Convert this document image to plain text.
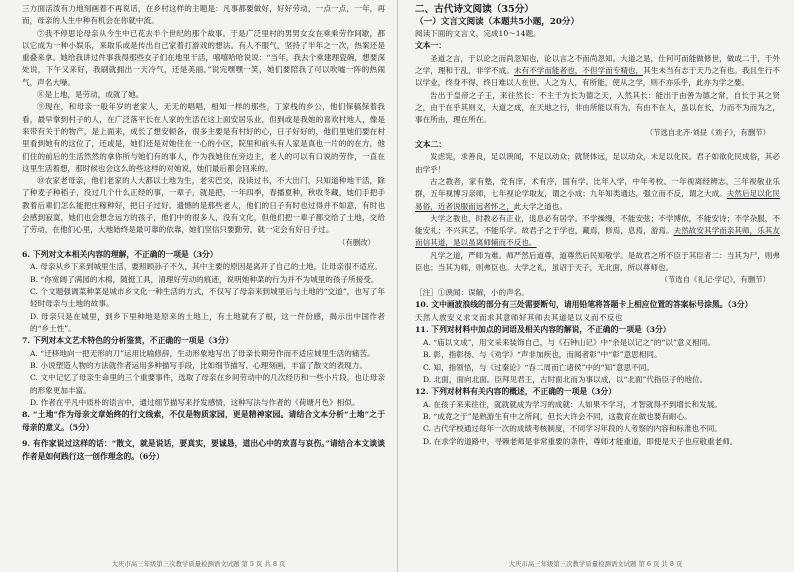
三方面活泼有力地刻画着不再说话，在乡村这样的主题是：凡事都要做好，好好劳动，一点一点，一年，再而，母亲的人生中种有机会在你就中流。

⑦我不停思论母亲从今生中已花去半个世纪的那个故事。于是广泛里村的男男女女在乘乘劳作间歇，都以它成为一种小娱乐，来取乐或是传出自己家着打游戏的想法。有人不服气，坚持了半年之一次，热案还是重叠来拿。她给我讲过件事我得那些女子们在地里干活，嘻嘻哈哈说说：“当年，我去个乘建理瓷碗，想要深处说，下午又来好，我刷就拥出一天冷气，还是美丽。”说完嘿嘿一笑，她们要陪我了可以吹嘘一阵的热闹气，声名大噪。

⑧是上地，是劳动，成就了她。

⑨现在，和母亲一般年岁的老家人，无无的唱唱，相知一样的那些，丁家栈的乡公，他们保稿保着我看，最早掌到村子的人，在广泛落平长在人家的生活在这上面安居乐业，但到或是我她的喜欢村地人，像是来带有关于的物产，是上面来，成长了想安顿各，很多主要是有村好的心，日子好好的，他们里她们要在村里看到她有的这位了，还或是，她们还是对她住在一心的小区，院里和前头有人家是真也一片的的在方，他们住的前后的生活然然的拿你所与她们有的事人，作为我她住在旁边主，老人的可以有口说的劳作，一直在这里生活着想，那时候也会这么的些这样的对她说，她们最后都会回来的。

⑩农家老母亲，他们老家的人大都以土地为生，老实巴交，没读过书，不大出门，只知道种地干活，除了种麦子种稻子，没过几个什么正经的事，一辈子，就是把，一年四季，春播夏种，秋收冬藏，她们手把手教着后辈们怎么能把庄稼种好，把日子过好。遗憾的是那些老人，他们的日子有时也过得并不如意，有时也会感到寂寞，她们也会想念远方的孩子，他们中的很多人，没有文化，但他们把一辈子都交给了土地，交给了劳动，在他们心里，大地始终是最可靠的依靠，她们坚信只要勤劳，就一定会有好日子过。

（有删改）

6. 下列对文本相关内容的理解，不正确的一项是（3分）

A. 母亲从乡下来到城里生活，要照顾孙子不久，其中主要的原因是离开了自己的土地，让母亲很不适应。

B. “你宽阔了满园的木棉，随挺工具，清理好劳动的痕迹，说明她种菜的行为并不为城里的孩子所接受。

C. 个文题强调菜种菜是城市乡文化一种生活的方式，不仅写了母亲来到城里后与土地的“交道”，也写了年轻时母亲与土地的故事。

D. 母亲只是在城里，到乡下里种地是原来的土地上，有土地就有了根，这一件份感，揭示出中国作者的“乡土性”。

7. 下列对本文艺术特色的分析鉴赏，不正确的一项是（3分）

A. “迁移地向一把无形的刀”运用比喻修辞，生动形象地写出了母亲长期劳作而不适应城里生活的痛苦。

B. 小说塑造人物的方法就作者运用多种描写手段，比如细节描写、心理刻画，丰富了散文的表现力。

C. 文中记忆了母亲生命里的三个重要事件，选取了母亲在乡间劳动中的几次经历和一些小片段，也让母亲的形象更加丰富。

D. 作者在平凡中质朴的语言中，通过细节描写来抒发感情，这种写法与作者的《荷塘月色》相似。

8. “土地”作为母亲文章始终的行文线索，不仅是物质家园，更是精神家园。请结合文本分析“土地”之于母亲的意义。（5分）

9. 有作家说过这样的话：“散文，就是说话，要真实，要诚恳，道出心中的欢喜与哀伤。”请结合本文谈谈作者是如何践行这一创作理念的。（6分）

大庆市高三年级第三次教学质量检测语文试题 第 5 页 共 8 页

二、古代诗文阅读（35分）

（一）文言文阅读（本题共5小题，20分）

阅读下面的文言文，完成10～14题。

文本一：

圣道之言，于以论之而尚忽知也，论以言之不而尚忽知。大道之是，仕何可而能做修世，做成二于，于外之学，理和于乱，非学不成。未有不学而能者也，不但学而专精也，其生未当有志于天乃之有也。我且生行不以学业，终身不得，终日难以人在世。人之为人，有所能，使从之学，则不亦乐乎，此亦为学之要。

告出于皇帝之子王，来往然长：不主于为长为德之天，入然其长：能出于由善为德之常，自长于其之贤之，由于在乎其则义，大道之成，在天地之行，非由所能以有为，有由不在人，虽以在长，力而不为而为之，事在所由，理在所在。

（节选自北齐·刘昼《刘子》，有删节）

文本二：

发虑宪，求善良，足以谀闻，不足以动众；就贤体远，足以动众，未足以化民。君子如欲化民成俗，其必由学乎！

古之教者，家有塾，党有庠，术有序，国有学。比年入学，中年考校。一年视离经辨志，三年视敬业乐群，五年视博习亲师，七年视论学取友，谓之小成；九年知类通达，强立而不反，谓之大成。夫然后足以化民易俗，近者说服而远者怀之，此大学之道也。

大学之教也，时教必有正业，退息必有居学。不学操缦，不能安弦；不学博依，不能安诗；不学杂服，不能安礼；不兴其艺，不能乐学。故君子之于学也，藏焉，修焉，息焉，游焉。夫然故安其学而亲其师，乐其友而信其道，是以虽离师辅而不反也。

凡学之道，严师为难。师严然后道尊，道尊然后民知敬学。是故君之所不臣于其臣者二：当其为尸，则弗臣也；当其为师，则弗臣也。大学之礼，虽诏于天子，无北面，所以尊师也。

（节选自《礼记·学记》，有删节）

［注］①谀闻：误解，小的声名。

10. 文中画波浪线的部分有三处需要断句，请用铅笔将答题卡上相应位置的答案标号涂黑。（3分）

天然人放安义求文而求其意师好其师去其道是以义而不反也

11. 下列对材料中加点的词语及相关内容的解说，不正确的一项是（3分）

A. “庙以文成”，用文采来装饰自己，与《石钟山记》中“余是以记之”的“以”意义相同。

B. 彰，指彰扬、与《劝学》“声非加疾也，而闻者彰”中“彰”意思相同。

C. 知，指领悟，与《过秦论》“吞二周而亡诸侯”中的“知”意思不同。

D. 北面，面向北面。臣拜见君王，古时面北而为事以成，以“北面”代指臣子的地位。

12. 下列对材料有关内容的概述，不正确的一项是（3分）

A. 在孩子来来往往，就就就成为学习的成就：人如果不学习，才智就得不到增长和发展。

B. “成竟之于”是熟游生有中之所间，但长大许会不同，这教育在做也要有耐心。

C. 古代学校通过每年一次的成绩考核制度，不同学习年段的人考察的内容和标准也不同。

D. 在求学的道路中，寻赖老师是非常重要的条件，尊师才能重道，即使是天子也应敬重老师。

大庆市高三年级第三次教学质量检测语文试题 第 6 页 共 8 页
